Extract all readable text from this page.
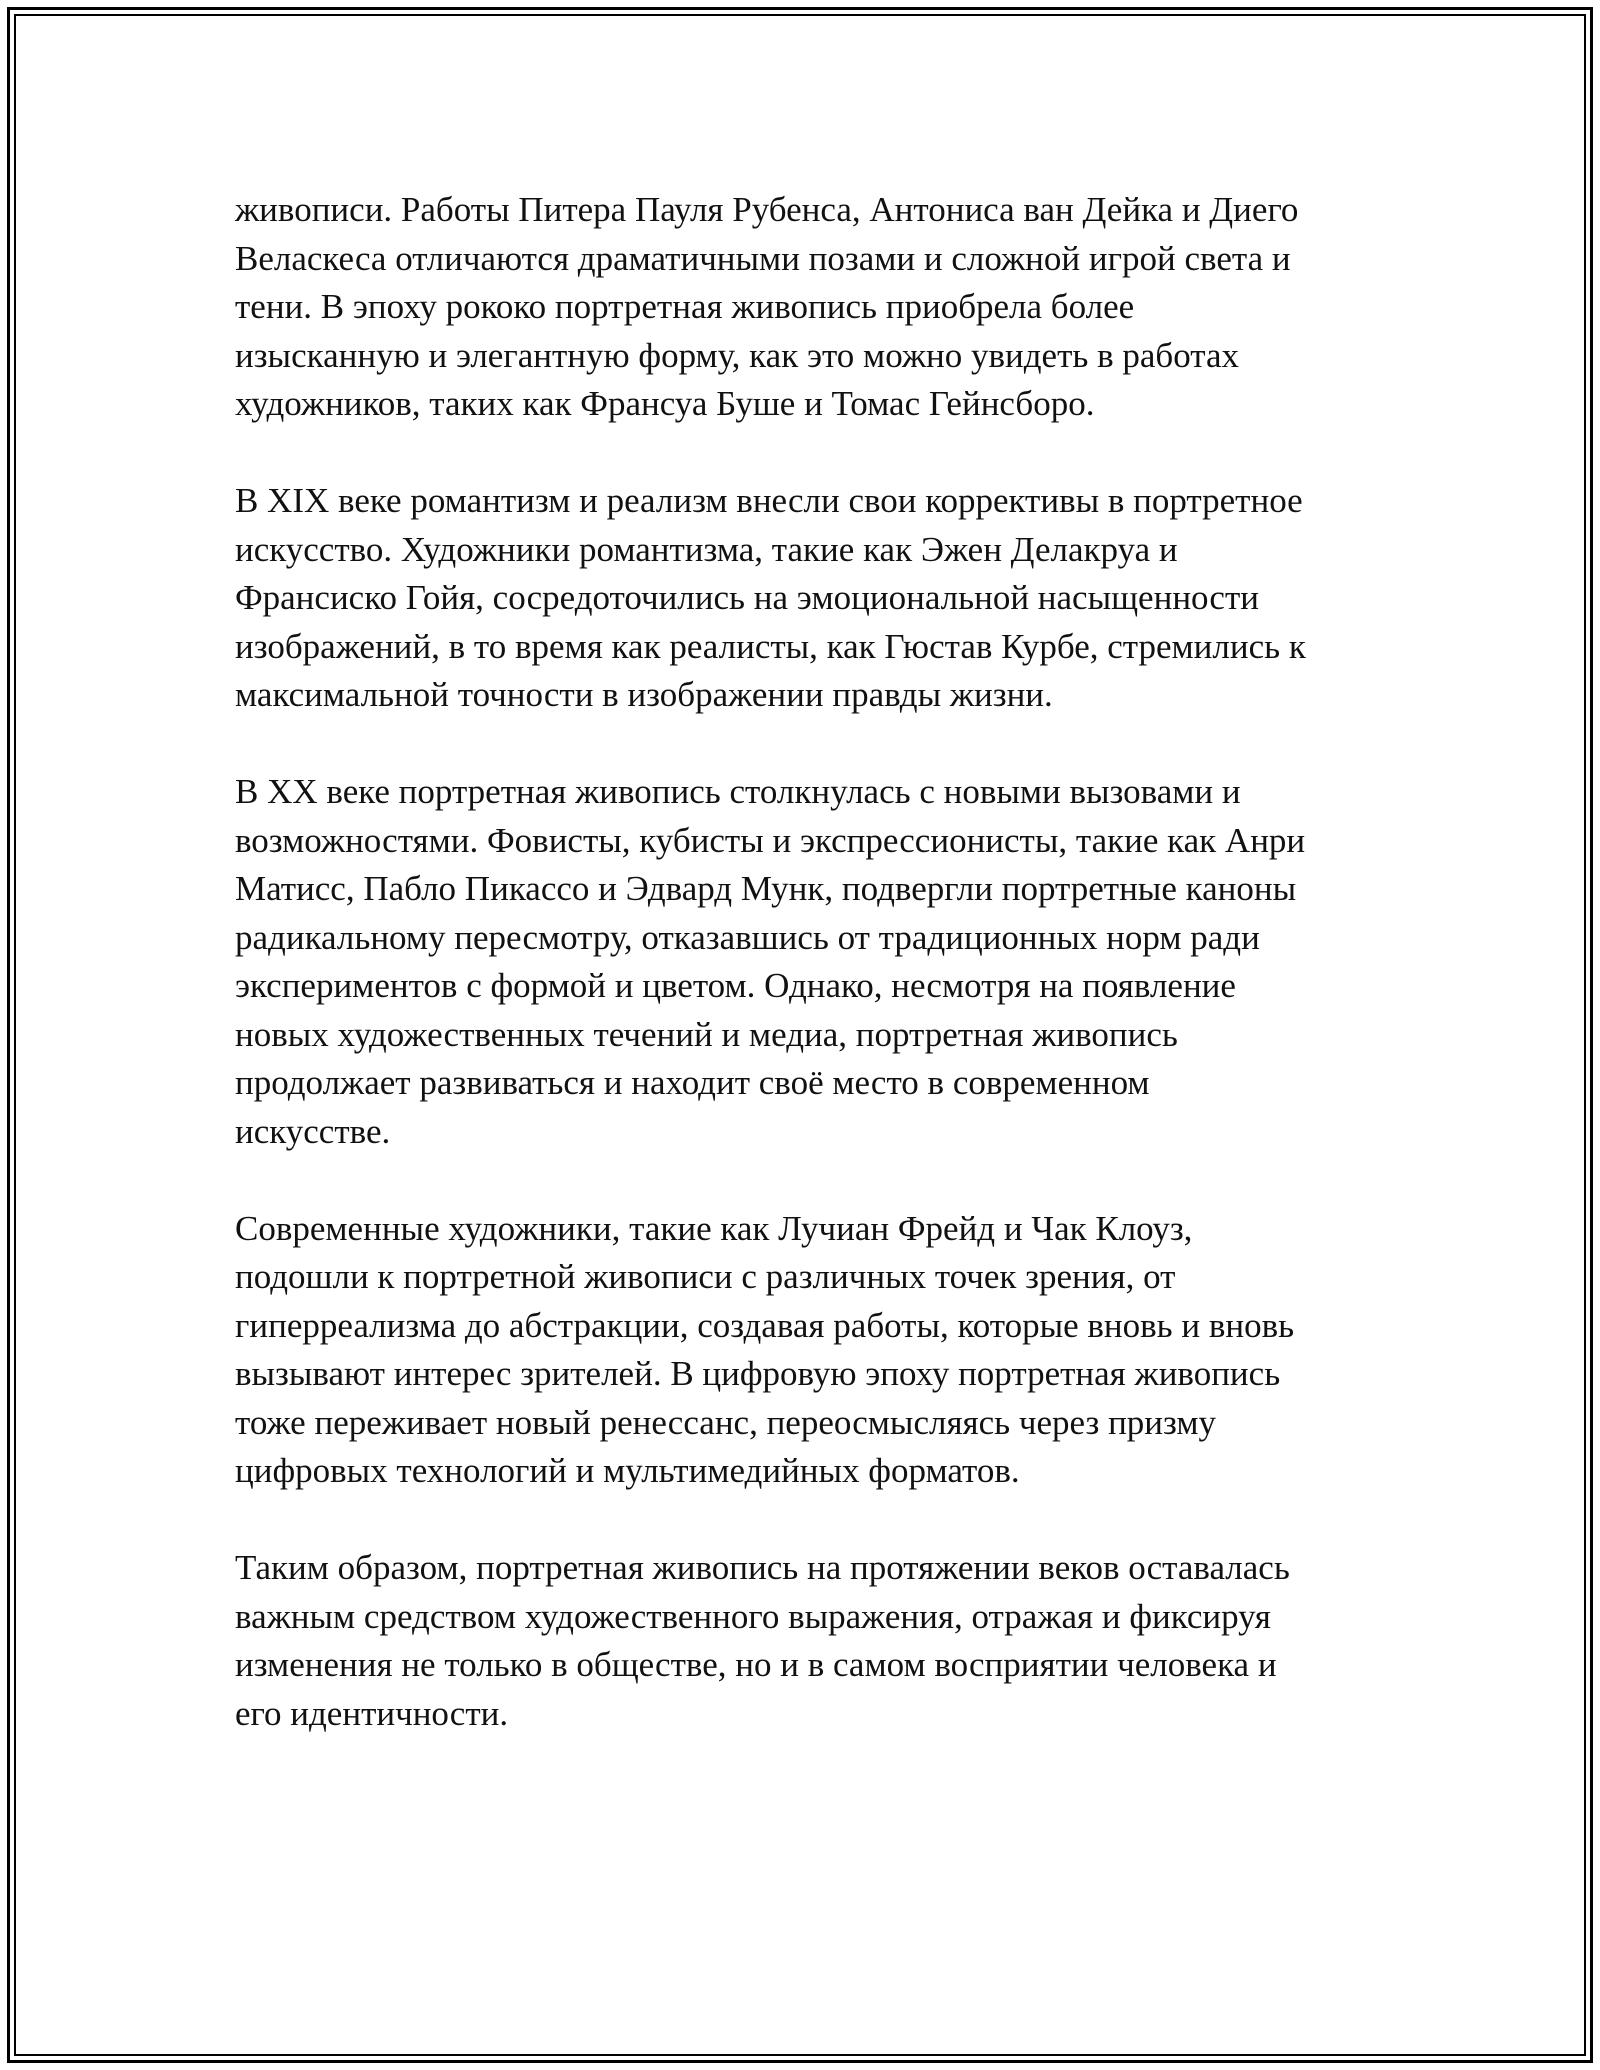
живописи. Работы Питера Пауля Рубенса, Антониса ван Дейка и Диего
Веласкеса отличаются драматичными позами и сложной игрой света и
тени. В эпоху рококо портретная живопись приобрела более
изысканную и элегантную форму, как это можно увидеть в работах
художников, таких как Франсуа Буше и Томас Гейнсборо.
В XIX веке романтизм и реализм внесли свои коррективы в портретное
искусство. Художники романтизма, такие как Эжен Делакруа и
Франсиско Гойя, сосредоточились на эмоциональной насыщенности
изображений, в то время как реалисты, как Гюстав Курбе, стремились к
максимальной точности в изображении правды жизни.
В XX веке портретная живопись столкнулась с новыми вызовами и
возможностями. Фовисты, кубисты и экспрессионисты, такие как Анри
Матисс, Пабло Пикассо и Эдвард Мунк, подвергли портретные каноны
радикальному пересмотру, отказавшись от традиционных норм ради
экспериментов с формой и цветом. Однако, несмотря на появление
новых художественных течений и медиа, портретная живопись
продолжает развиваться и находит своё место в современном
искусстве.
Современные художники, такие как Лучиан Фрейд и Чак Клоуз,
подошли к портретной живописи с различных точек зрения, от
гиперреализма до абстракции, создавая работы, которые вновь и вновь
вызывают интерес зрителей. В цифровую эпоху портретная живопись
тоже переживает новый ренессанс, переосмысляясь через призму
цифровых технологий и мультимедийных форматов.
Таким образом, портретная живопись на протяжении веков оставалась
важным средством художественного выражения, отражая и фиксируя
изменения не только в обществе, но и в самом восприятии человека и
его идентичности.
